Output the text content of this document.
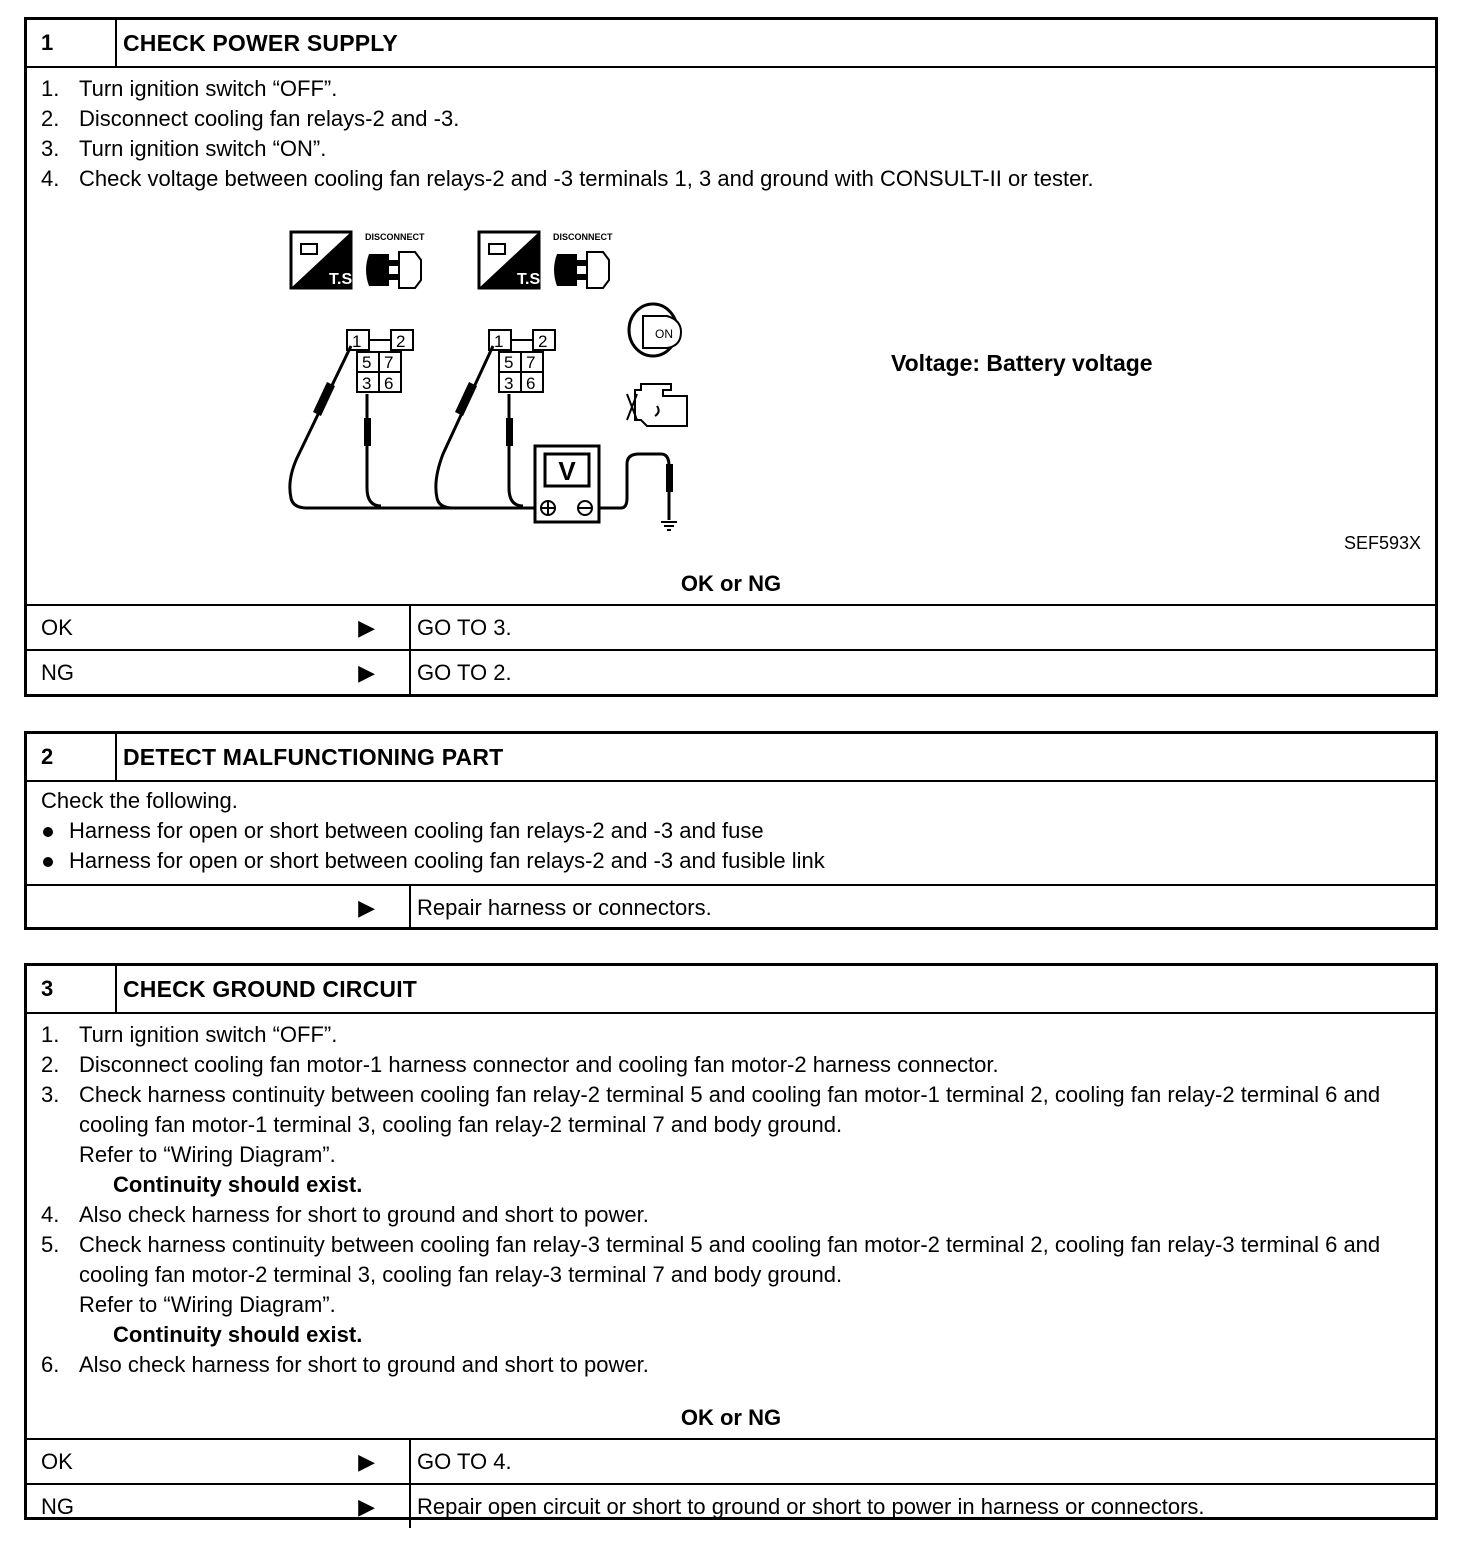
1	CHECK POWER SUPPLY
1. Turn ignition switch “OFF”.
2. Disconnect cooling fan relays-2 and -3.
3. Turn ignition switch “ON”.
4. Check voltage between cooling fan relays-2 and -3 terminals 1, 3 and ground with CONSULT-II or tester.
T.S.
DISCONNECT
T.S.
DISCONNECT
1 2
5 7
3 6
1 2
5 7
3 6
V
ON
Voltage: Battery voltage
SEF593X
OK or NG
OK	▶ GO TO 3.
NG	▶ GO TO 2.
2	DETECT MALFUNCTIONING PART
Check the following.
Harness for open or short between cooling fan relays-2 and -3 and fuse
Harness for open or short between cooling fan relays-2 and -3 and fusible link
▶ Repair harness or connectors.
3	CHECK GROUND CIRCUIT
1. Turn ignition switch “OFF”.
2. Disconnect cooling fan motor-1 harness connector and cooling fan motor-2 harness connector.
3. Check harness continuity between cooling fan relay-2 terminal 5 and cooling fan motor-1 terminal 2, cooling fan relay-2 terminal 6 and cooling fan motor-1 terminal 3, cooling fan relay-2 terminal 7 and body ground.
Refer to “Wiring Diagram”.
Continuity should exist.
4. Also check harness for short to ground and short to power.
5. Check harness continuity between cooling fan relay-3 terminal 5 and cooling fan motor-2 terminal 2, cooling fan relay-3 terminal 6 and cooling fan motor-2 terminal 3, cooling fan relay-3 terminal 7 and body ground.
Refer to “Wiring Diagram”.
Continuity should exist.
6. Also check harness for short to ground and short to power.
OK or NG
OK	▶ GO TO 4.
NG	▶ Repair open circuit or short to ground or short to power in harness or connectors.
